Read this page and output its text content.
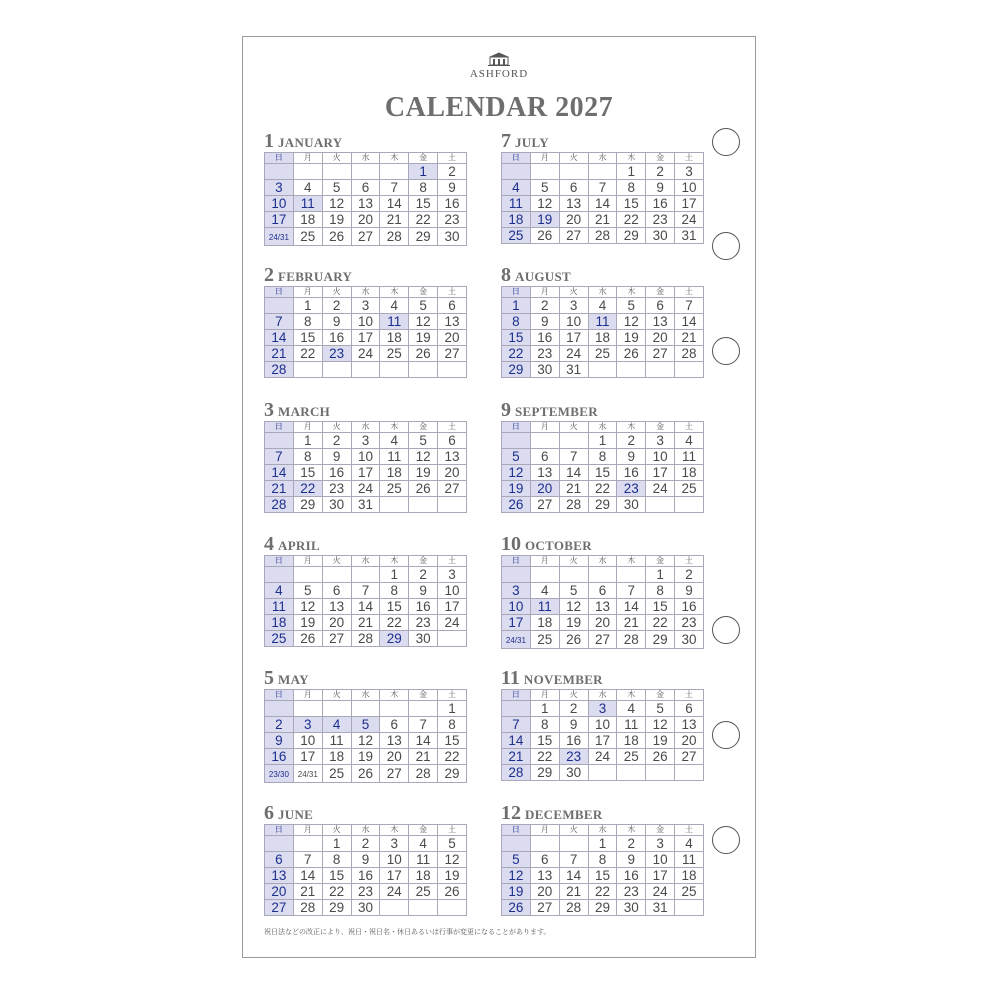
ASHFORD
CALENDAR 2027
1 JANUARY
日	月	火	水	木	金	土
					1	2
3	4	5	6	7	8	9
10	11	12	13	14	15	16
17	18	19	20	21	22	23
24/31	25	26	27	28	29	30
2 FEBRUARY
日	月	火	水	木	金	土
	1	2	3	4	5	6
7	8	9	10	11	12	13
14	15	16	17	18	19	20
21	22	23	24	25	26	27
28						
3 MARCH
日	月	火	水	木	金	土
	1	2	3	4	5	6
7	8	9	10	11	12	13
14	15	16	17	18	19	20
21	22	23	24	25	26	27
28	29	30	31			
4 APRIL
日	月	火	水	木	金	土
				1	2	3
4	5	6	7	8	9	10
11	12	13	14	15	16	17
18	19	20	21	22	23	24
25	26	27	28	29	30	
5 MAY
日	月	火	水	木	金	土
						1
2	3	4	5	6	7	8
9	10	11	12	13	14	15
16	17	18	19	20	21	22
23/30	24/31	25	26	27	28	29
6 JUNE
日	月	火	水	木	金	土
		1	2	3	4	5
6	7	8	9	10	11	12
13	14	15	16	17	18	19
20	21	22	23	24	25	26
27	28	29	30			
7 JULY
日	月	火	水	木	金	土
				1	2	3
4	5	6	7	8	9	10
11	12	13	14	15	16	17
18	19	20	21	22	23	24
25	26	27	28	29	30	31
8 AUGUST
日	月	火	水	木	金	土
1	2	3	4	5	6	7
8	9	10	11	12	13	14
15	16	17	18	19	20	21
22	23	24	25	26	27	28
29	30	31				
9 SEPTEMBER
日	月	火	水	木	金	土
			1	2	3	4
5	6	7	8	9	10	11
12	13	14	15	16	17	18
19	20	21	22	23	24	25
26	27	28	29	30		
10 OCTOBER
日	月	火	水	木	金	土
					1	2
3	4	5	6	7	8	9
10	11	12	13	14	15	16
17	18	19	20	21	22	23
24/31	25	26	27	28	29	30
11 NOVEMBER
日	月	火	水	木	金	土
	1	2	3	4	5	6
7	8	9	10	11	12	13
14	15	16	17	18	19	20
21	22	23	24	25	26	27
28	29	30				
12 DECEMBER
日	月	火	水	木	金	土
			1	2	3	4
5	6	7	8	9	10	11
12	13	14	15	16	17	18
19	20	21	22	23	24	25
26	27	28	29	30	31	
祝日法などの改正により、祝日・祝日名・休日あるいは行事が変更になることがあります。
